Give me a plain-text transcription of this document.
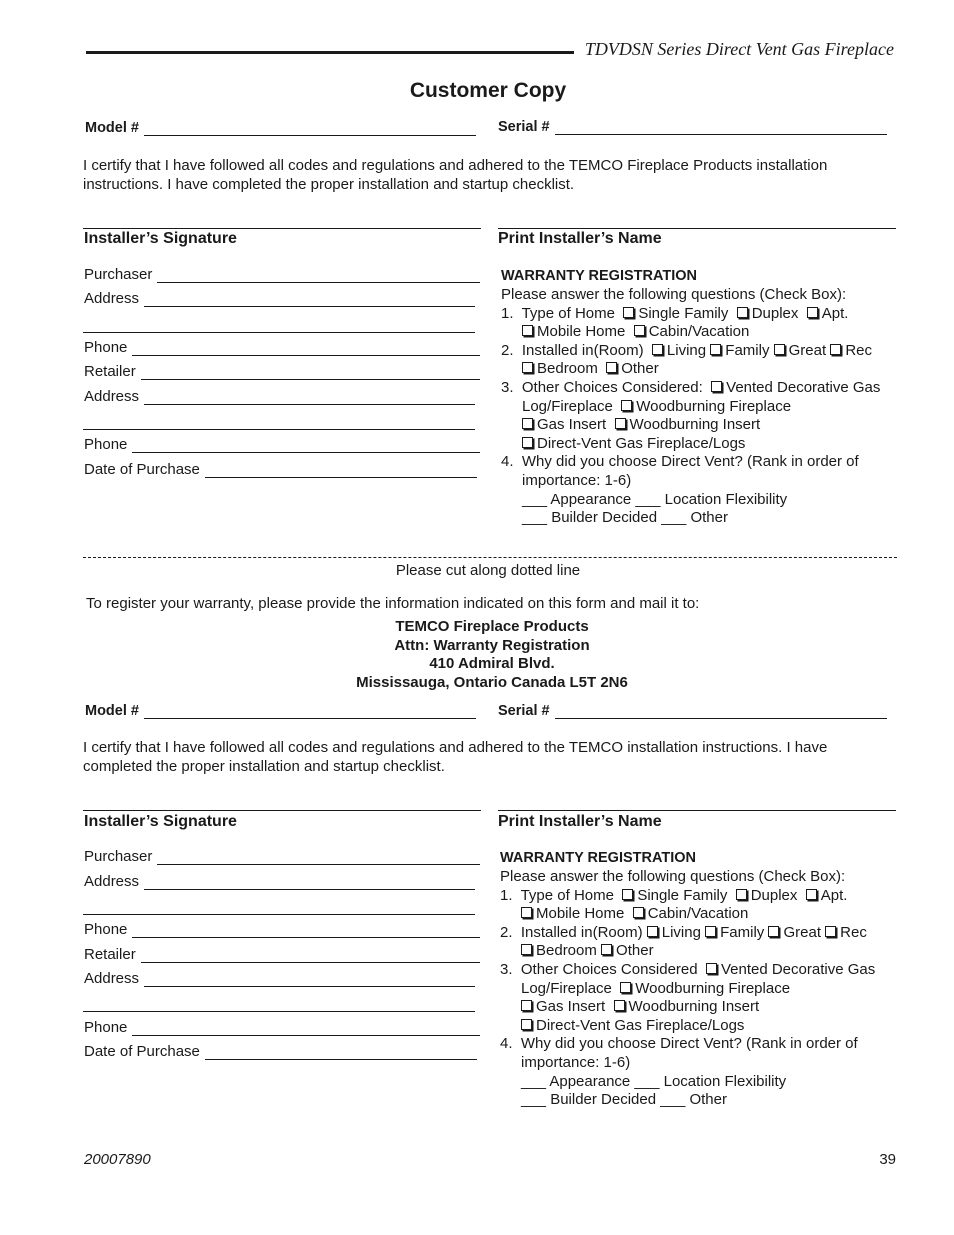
TDVDSN Series Direct Vent Gas Fireplace
Customer Copy
Model #	Serial #
I certify that I have followed all codes and regulations and adhered to the TEMCO Fireplace Products installation instructions. I have completed the proper installation and startup checklist.
Installer’s Signature	Print Installer’s Name
Purchaser
Address
Phone
Retailer
Address
Phone
Date of Purchase
WARRANTY REGISTRATION
Please answer the following questions (Check Box):
1. Type of Home Single Family Duplex Apt.
Mobile Home Cabin/Vacation
2. Installed in(Room) Living Family Great Rec
Bedroom Other
3. Other Choices Considered: Vented Decorative Gas
Log/Fireplace Woodburning Fireplace
Gas Insert Woodburning Insert
Direct-Vent Gas Fireplace/Logs
4. Why did you choose Direct Vent? (Rank in order of
importance: 1-6)
___ Appearance ___ Location Flexibility
___ Builder Decided ___ Other
Please cut along dotted line
To register your warranty, please provide the information indicated on this form and mail it to:
TEMCO Fireplace Products
Attn: Warranty Registration
410 Admiral Blvd.
Mississauga, Ontario Canada L5T 2N6
Model #	Serial #
I certify that I have followed all codes and regulations and adhered to the TEMCO installation instructions. I have completed the proper installation and startup checklist.
Installer’s Signature	Print Installer’s Name
Purchaser
Address
Phone
Retailer
Address
Phone
Date of Purchase
WARRANTY REGISTRATION
Please answer the following questions (Check Box):
1. Type of Home Single Family Duplex Apt.
Mobile Home Cabin/Vacation
2. Installed in(Room) Living Family Great Rec
Bedroom Other
3. Other Choices Considered Vented Decorative Gas
Log/Fireplace Woodburning Fireplace
Gas Insert Woodburning Insert
Direct-Vent Gas Fireplace/Logs
4. Why did you choose Direct Vent? (Rank in order of
importance: 1-6)
___ Appearance ___ Location Flexibility
___ Builder Decided ___ Other
20007890	39
